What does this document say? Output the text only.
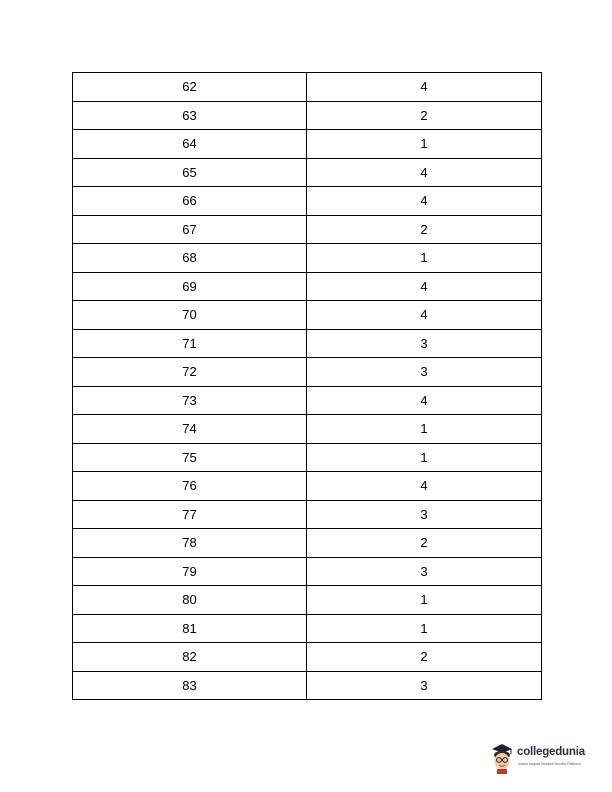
62	4
63	2
64	1
65	4
66	4
67	2
68	1
69	4
70	4
71	3
72	3
73	4
74	1
75	1
76	4
77	3
78	2
79	3
80	1
81	1
82	2
83	3
collegedunia
India's largest Student Review Platform
